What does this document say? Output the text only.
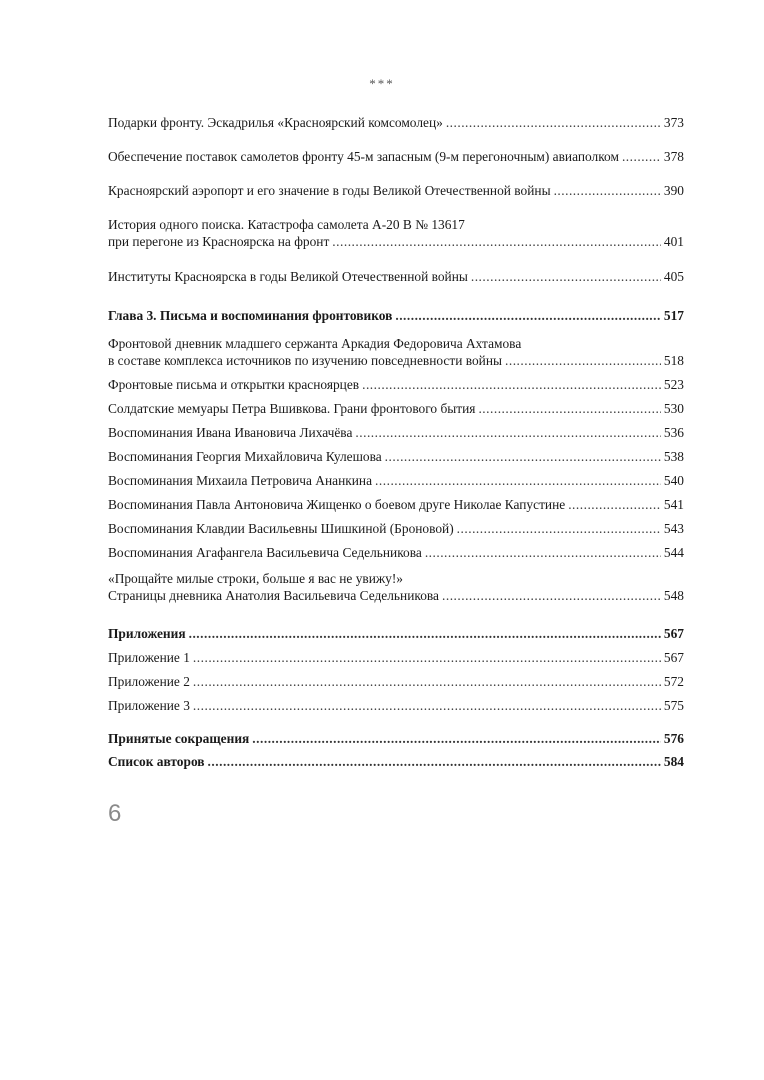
***
Подарки фронту. Эскадрилья «Красноярский комсомолец» .....	373
Обеспечение поставок самолетов фронту 45-м запасным (9-м перегоночным) авиаполком .....	378
Красноярский аэропорт и его значение в годы Великой Отечественной войны .....	390
История одного поиска. Катастрофа самолета А-20 В № 13617
при перегоне из Красноярска на фронт .....	401
Институты Красноярска в годы Великой Отечественной войны .....	405
Глава 3. Письма и воспоминания фронтовиков .....	517
Фронтовой дневник младшего сержанта Аркадия Федоровича Ахтамова
в составе комплекса источников по изучению повседневности войны .....	518
Фронтовые письма и открытки красноярцев .....	523
Солдатские мемуары Петра Вшивкова. Грани фронтового бытия .....	530
Воспоминания Ивана Ивановича Лихачёва .....	536
Воспоминания Георгия Михайловича Кулешова .....	538
Воспоминания Михаила Петровича Ананкина .....	540
Воспоминания Павла Антоновича Жищенко о боевом друге Николае Капустине .....	541
Воспоминания Клавдии Васильевны Шишкиной (Броновой) .....	543
Воспоминания Агафангела Васильевича Седельникова .....	544
«Прощайте милые строки, больше я вас не увижу!»
Страницы дневника Анатолия Васильевича Седельникова .....	548
Приложения .....	567
Приложение 1 .....	567
Приложение 2 .....	572
Приложение 3 .....	575
Принятые сокращения .....	576
Список авторов .....	584
6
